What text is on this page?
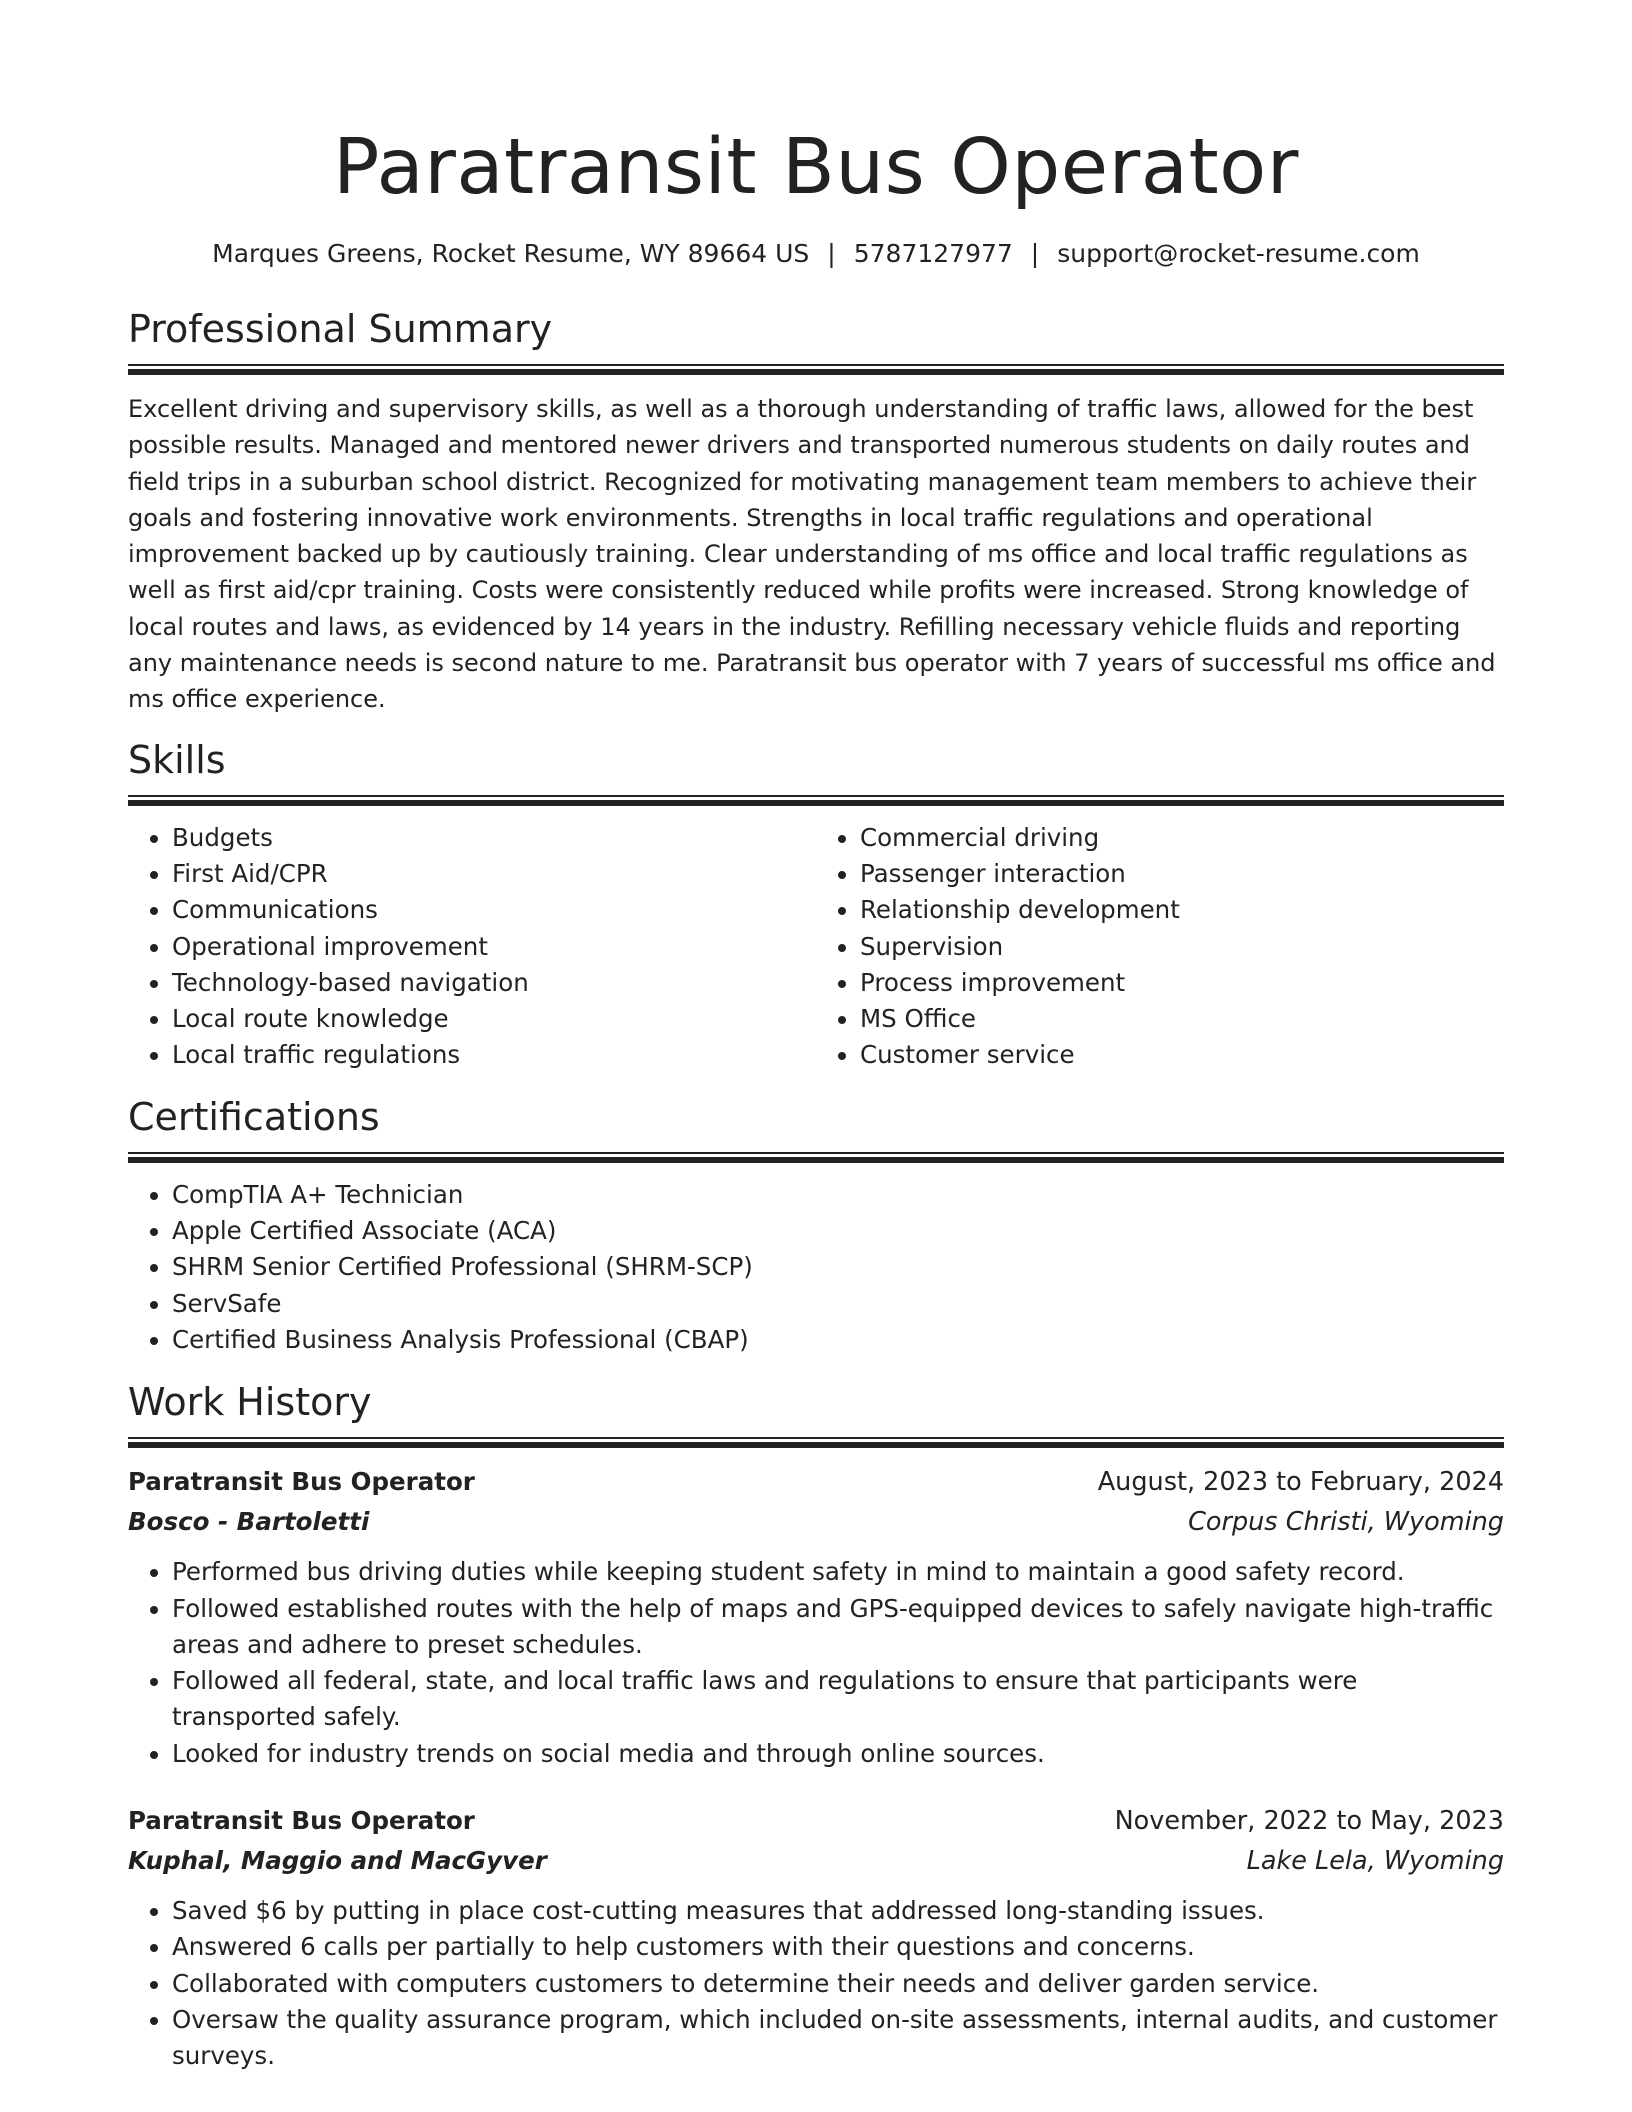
Paratransit Bus Operator
Marques Greens, Rocket Resume, WY 89664 US | 5787127977 | support@rocket-resume.com
Professional Summary

Excellent driving and supervisory skills, as well as a thorough understanding of traffic laws, allowed for the best possible results. Managed and mentored newer drivers and transported numerous students on daily routes and field trips in a suburban school district. Recognized for motivating management team members to achieve their goals and fostering innovative work environments. Strengths in local traffic regulations and operational improvement backed up by cautiously training. Clear understanding of ms office and local traffic regulations as well as first aid/cpr training. Costs were consistently reduced while profits were increased. Strong knowledge of local routes and laws, as evidenced by 14 years in the industry. Refilling necessary vehicle fluids and reporting any maintenance needs is second nature to me. Paratransit bus operator with 7 years of successful ms office and ms office experience.

Skills
• Budgets
• First Aid/CPR
• Communications
• Operational improvement
• Technology-based navigation
• Local route knowledge
• Local traffic regulations
• Commercial driving
• Passenger interaction
• Relationship development
• Supervision
• Process improvement
• MS Office
• Customer service
Certifications
• CompTIA A+ Technician
• Apple Certified Associate (ACA)
• SHRM Senior Certified Professional (SHRM-SCP)
• ServSafe
• Certified Business Analysis Professional (CBAP)
Work History
Paratransit Bus Operator	August, 2023 to February, 2024
Bosco - Bartoletti	Corpus Christi, Wyoming
• Performed bus driving duties while keeping student safety in mind to maintain a good safety record.
• Followed established routes with the help of maps and GPS-equipped devices to safely navigate high-traffic areas and adhere to preset schedules.
• Followed all federal, state, and local traffic laws and regulations to ensure that participants were transported safely.
• Looked for industry trends on social media and through online sources.
Paratransit Bus Operator	November, 2022 to May, 2023
Kuphal, Maggio and MacGyver	Lake Lela, Wyoming
• Saved $6 by putting in place cost-cutting measures that addressed long-standing issues.
• Answered 6 calls per partially to help customers with their questions and concerns.
• Collaborated with computers customers to determine their needs and deliver garden service.
• Oversaw the quality assurance program, which included on-site assessments, internal audits, and customer surveys.
